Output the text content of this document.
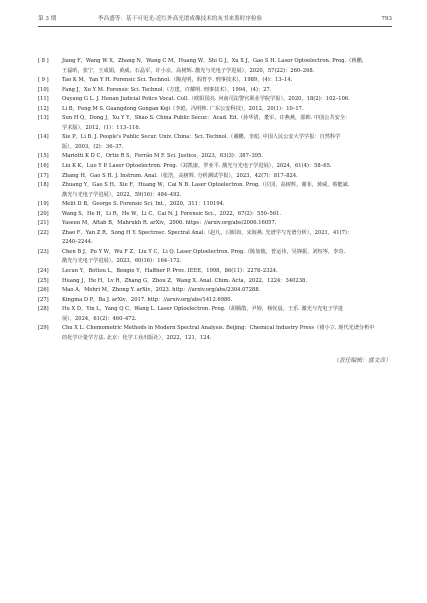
第 3 期	李昌盛等：基于可见光-近红外高光谱成像技术的灰书来墨时序检验	793
[ 8 ]	Jiang F，Wang W X，Zhang N，Wang C M，Huang W，Shi G J，Xu X J，Gao S H. Laser Optoelectron. Prog.（蒋鹏，
王磊昕，张宁，王成娟，黄威，石晶军，许小京，高树辉. 激光与光电子学进展），2020，57(22)：260–268.
[ 9 ]	Tao K M，Yan Y H. Forensic Sci. Technol.（陶克明，阎育亨. 刑事技术），1989，(4)：13–14.
[10]	Fang J，Xu Y M. Forensic Sci. Technol.（方建，许耀明. 刑事技术），1994，(4)：27.
[11]	Ouyang G L. J. Henan Judicial Police Vocat. Coll.（欧阳国亮. 河南司法警官职业学院学报），2020，18(2)：102–106.
[12]	Li B，Feng M S. Guangdong Gongan Keji（李彪，冯明帅. 广东公安科技），2012，20(1)：10–17.
[13]	Sun H Q，Dong J，Xu Y Y，Shao S. China Public Secur.：Acad. Ed.（孙华清，董军，许燕燕，邵帅. 中国公共安全：
学术版），2012，(1)：113–116.
[14]	Xie P，Li B. J. People's Public Secur. Univ. China：Sci. Technol.（谢鹏，李彪. 中国人民公安大学学报：自然科学
版），2003，(2)：36–37.
[15]	Mariotti K D C，Ortiz R S，Ferrão M F. Sci. Justice，2023，63(3)：387–395.
[16]	Liu K K，Luo Y P. Laser Optoelectron. Prog.（刘凯康，罗亚平. 激光与光电子学进展），2024，61(4)：58–65.
[17]	Zhang H，Gao S H. J. Instrum. Anal.（张浩，高树辉. 分析测试学报），2023，42(7)：817–824.
[18]	Zhuang Y，Gao S H，Xie F，Huang W，Cai N B. Laser Optoelectron. Prog.（庄园，高树辉，谢菲，黄威，蔡能斌.
激光与光电子学进展），2022，59(16)：484–492.
[19]	Melit D B，George S. Forensic Sci. Int.，2020，311：110194.
[20]	Wang S，He H，Li R，He W，Li C，Cai N. J. Forensic Sci.，2022，67(2)：550–561.
[21]	Yaseen M，Aftab B，Mahrukh R. arXiv，2006. https：//arxiv.org/abs/2006.16057.
[22]	Zhao F，Yan Z R，Song H Y. Spectrosc. Spectral Anal.（赵凡，闫昭如，宋海燕. 光谱学与光谱分析），2021，41(7)：
2240–2244.
[23]	Chen B J，Pu Y W，Wu F Z，Liu Y C，Li Q. Laser Optoelectron. Prog.（陈加俊，普运伟，吴锋振，刘恒岑，李奇.
激光与光电子学进展），2023，60(16)：164–172.
[24]	Lecun Y，Bottou L，Bengio Y，Haffner P. Proc. IEEE，1998，86(11)：2278–2324.
[25]	Huang J，He H，Lv R，Zhang G，Zhou Z，Wang X. Anal. Chim. Acta，2022，1224：340238.
[26]	Mao A，Mohri M，Zhong Y. arXiv，2023. http：//arxiv.org/abs/2304.07288.
[27]	Kingma D P，Ba J. arXiv，2017. http：//arxiv.org/abs/1412.6980.
[28]	Hu X D，Yin L，Yang Q C，Wang L. Laser Optoelectron. Prog.（胡腾散，尹婷，杨钦晨，王乐. 激光与光电子学进
展），2024，61(2)：460–472.
[29]	Chu X L. Chemometric Methods in Modern Spectral Analysis. Beijing：Chemical Industry Press（褚小立. 现代光谱分析中
的化学计量学方法. 北京：化学工业出版社），2022，121，124.
（责任编辑：盛文彦）
